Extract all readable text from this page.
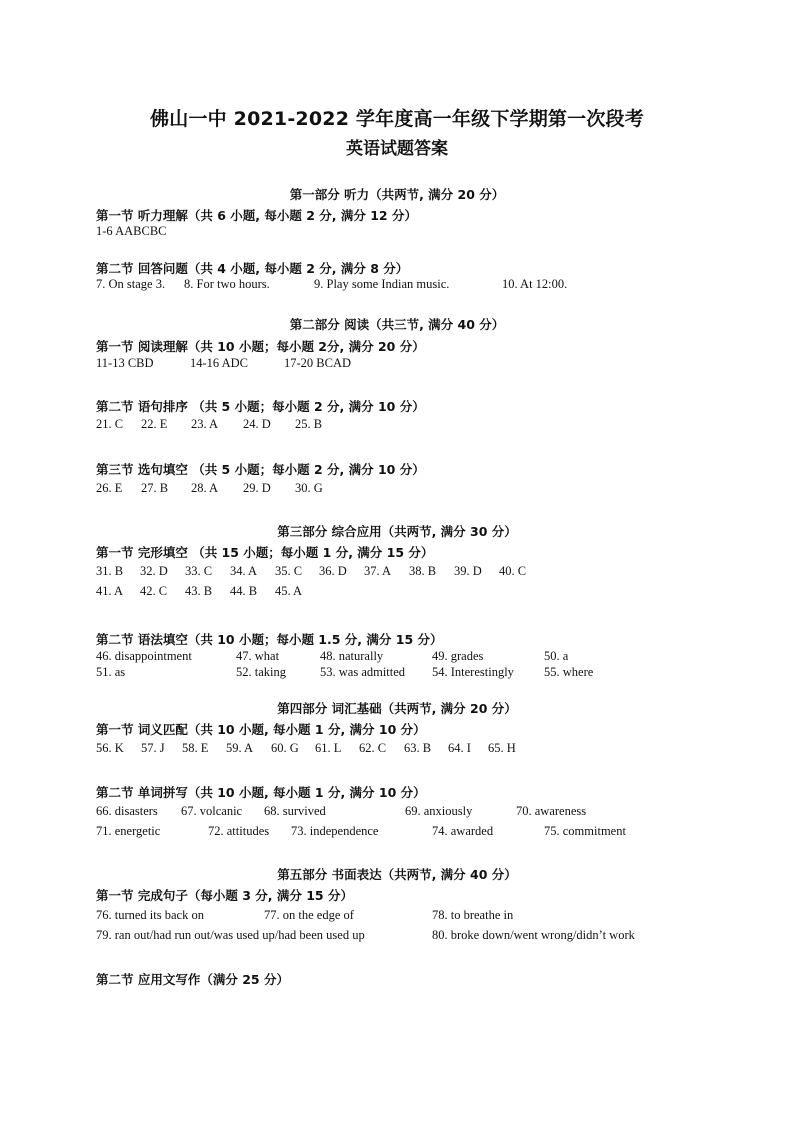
佛山一中 2021-2022 学年度高一年级下学期第一次段考
英语试题答案
第一部分 听力（共两节, 满分 20 分）
第一节 听力理解（共 6 小题, 每小题 2 分, 满分 12 分）
1-6 AABCBC
第二节 回答问题（共 4 小题, 每小题 2 分, 满分 8 分）
7. On stage 3. 8. For two hours.	9. Play some Indian music.	10. At 12:00.
第二部分 阅读（共三节, 满分 40 分）
第一节 阅读理解（共 10 小题；每小题 2分, 满分 20 分）
11-13 CBD	14-16 ADC	17-20 BCAD
第二节 语句排序 （共 5 小题；每小题 2 分, 满分 10 分）
21. C 22. E 23. A 24. D 25. B
第三节 选句填空 （共 5 小题；每小题 2 分, 满分 10 分）
26. E 27. B 28. A 29. D 30. G
第三部分 综合应用（共两节, 满分 30 分）
第一节 完形填空 （共 15 小题；每小题 1 分, 满分 15 分）
31. B 32. D 33. C 34. A 35. C 36. D 37. A 38. B 39. D 40. C
41. A 42. C 43. B 44. B 45. A
第二节 语法填空（共 10 小题；每小题 1.5 分, 满分 15 分）
46. disappointment	47. what	48. naturally	49. grades	50. a
51. as	52. taking	53. was admitted 54. Interestingly 55. where
第四部分 词汇基础（共两节, 满分 20 分）
第一节 词义匹配（共 10 小题, 每小题 1 分, 满分 10 分）
56. K 57. J 58. E 59. A 60. G 61. L 62. C 63. B 64. I 65. H
第二节 单词拼写（共 10 小题, 每小题 1 分, 满分 10 分）
66. disasters 67. volcanic 68. survived	69. anxiously	70. awareness
71. energetic	72. attitudes 73. independence	74. awarded	75. commitment
第五部分 书面表达（共两节, 满分 40 分）
第一节 完成句子（每小题 3 分, 满分 15 分）
76. turned its back on	77. on the edge of	78. to breathe in
79. ran out/had run out/was used up/had been used up	80. broke down/went wrong/didn’t work
第二节 应用文写作（满分 25 分）
